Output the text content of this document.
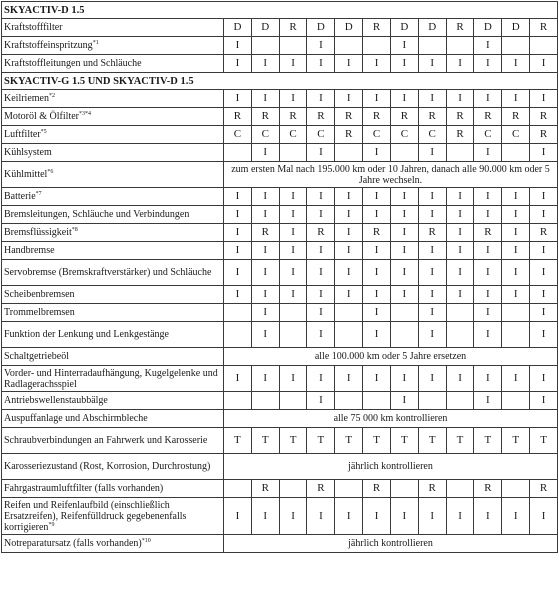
SKYACTIV-D 1.5												
Kraftstofffilter	D	D	R	D	D	R	D	D	R	D	D	R
Kraftstoffeinspritzung$^{*1}$	I			I			I			I		
Kraftstoffleitungen und Schläuche	I	I	I	I	I	I	I	I	I	I	I	I
SKYACTIV-G 1.5 UND SKYACTIV-D 1.5												
Keilriemen$^{*2}$	I	I	I	I	I	I	I	I	I	I	I	I
Motoröl & Ölfilter$^{*3*4}$	R	R	R	R	R	R	R	R	R	R	R	R
Luftfilter$^{*5}$	C	C	C	C	R	C	C	C	R	C	C	R
Kühlsystem		I		I		I		I		I		I
Kühlmittel$^{*6}$	zum ersten Mal nach 195.000 km oder 10 Jahren, danach alle 90.000 km oder 5 Jahre wechseln.											
Batterie$^{*7}$	I	I	I	I	I	I	I	I	I	I	I	I
Bremsleitungen, Schläuche und Verbindungen	I	I	I	I	I	I	I	I	I	I	I	I
Bremsflüssigkeit$^{*8}$	I	R	I	R	I	R	I	R	I	R	I	R
Handbremse	I	I	I	I	I	I	I	I	I	I	I	I
Servobremse (Bremskraftverstärker) und Schläuche	I	I	I	I	I	I	I	I	I	I	I	I
Scheibenbremsen	I	I	I	I	I	I	I	I	I	I	I	I
Trommelbremsen		I		I		I		I		I		I
Funktion der Lenkung und Lenkgestänge		I		I		I		I		I		I
Schaltgetriebeöl	alle 100.000 km oder 5 Jahre ersetzen											
Vorder- und Hinterradaufhängung, Kugelgelenke und Radlagerachsspiel	I	I	I	I	I	I	I	I	I	I	I	I
Antriebswellenstaubbälge				I			I			I		I
Auspuffanlage und Abschirmbleche	alle 75 000 km kontrollieren											
Schraubverbindungen an Fahrwerk und Karosserie	T	T	T	T	T	T	T	T	T	T	T	T
Karosseriezustand (Rost, Korrosion, Durchrostung)	jährlich kontrollieren											
Fahrgastraumluftfilter (falls vorhanden)		R		R		R		R		R		R
Reifen und Reifenlaufbild (einschließlich Ersatzreifen), Reifenfülldruck gegebenenfalls korrigieren$^{*9}$	I	I	I	I	I	I	I	I	I	I	I	I
Notreparatursatz (falls vorhanden)$^{*10}$	jährlich kontrollieren											
